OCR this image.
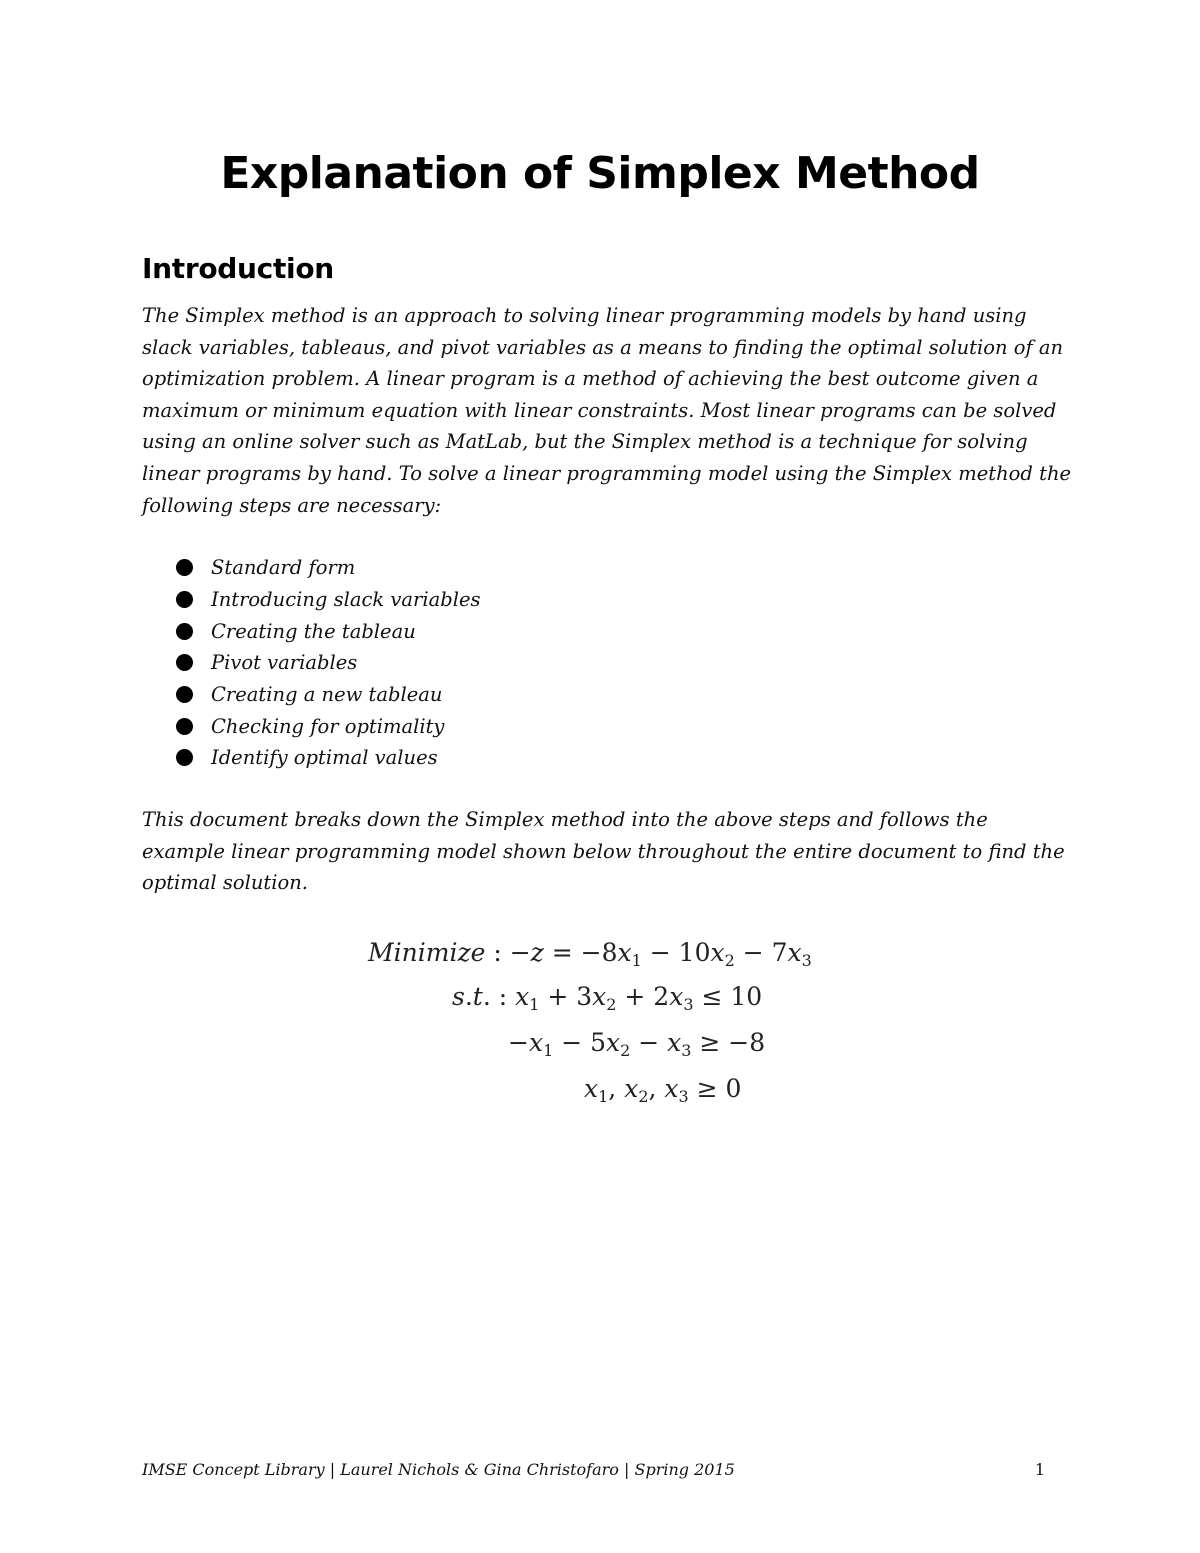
Explanation of Simplex Method
Introduction

The Simplex method is an approach to solving linear programming models by hand using slack variables, tableaus, and pivot variables as a means to finding the optimal solution of an optimization problem. A linear program is a method of achieving the best outcome given a maximum or minimum equation with linear constraints. Most linear programs can be solved using an online solver such as MatLab, but the Simplex method is a technique for solving linear programs by hand. To solve a linear programming model using the Simplex method the following steps are necessary:

Standard form
Introducing slack variables
Creating the tableau
Pivot variables
Creating a new tableau
Checking for optimality
Identify optimal values

This document breaks down the Simplex method into the above steps and follows the example linear programming model shown below throughout the entire document to find the optimal solution.

Minimize : $-z = -8x_1 - 10x_2 - 7x_3$
s.t. : $x_1 + 3x_2 + 2x_3 \le 10$
$-x_1 - 5x_2 - x_3 \ge -8$
$x_1$, $x_2$, $x_3 \ge 0$

IMSE Concept Library | Laurel Nichols & Gina Christofaro | Spring 2015	1
